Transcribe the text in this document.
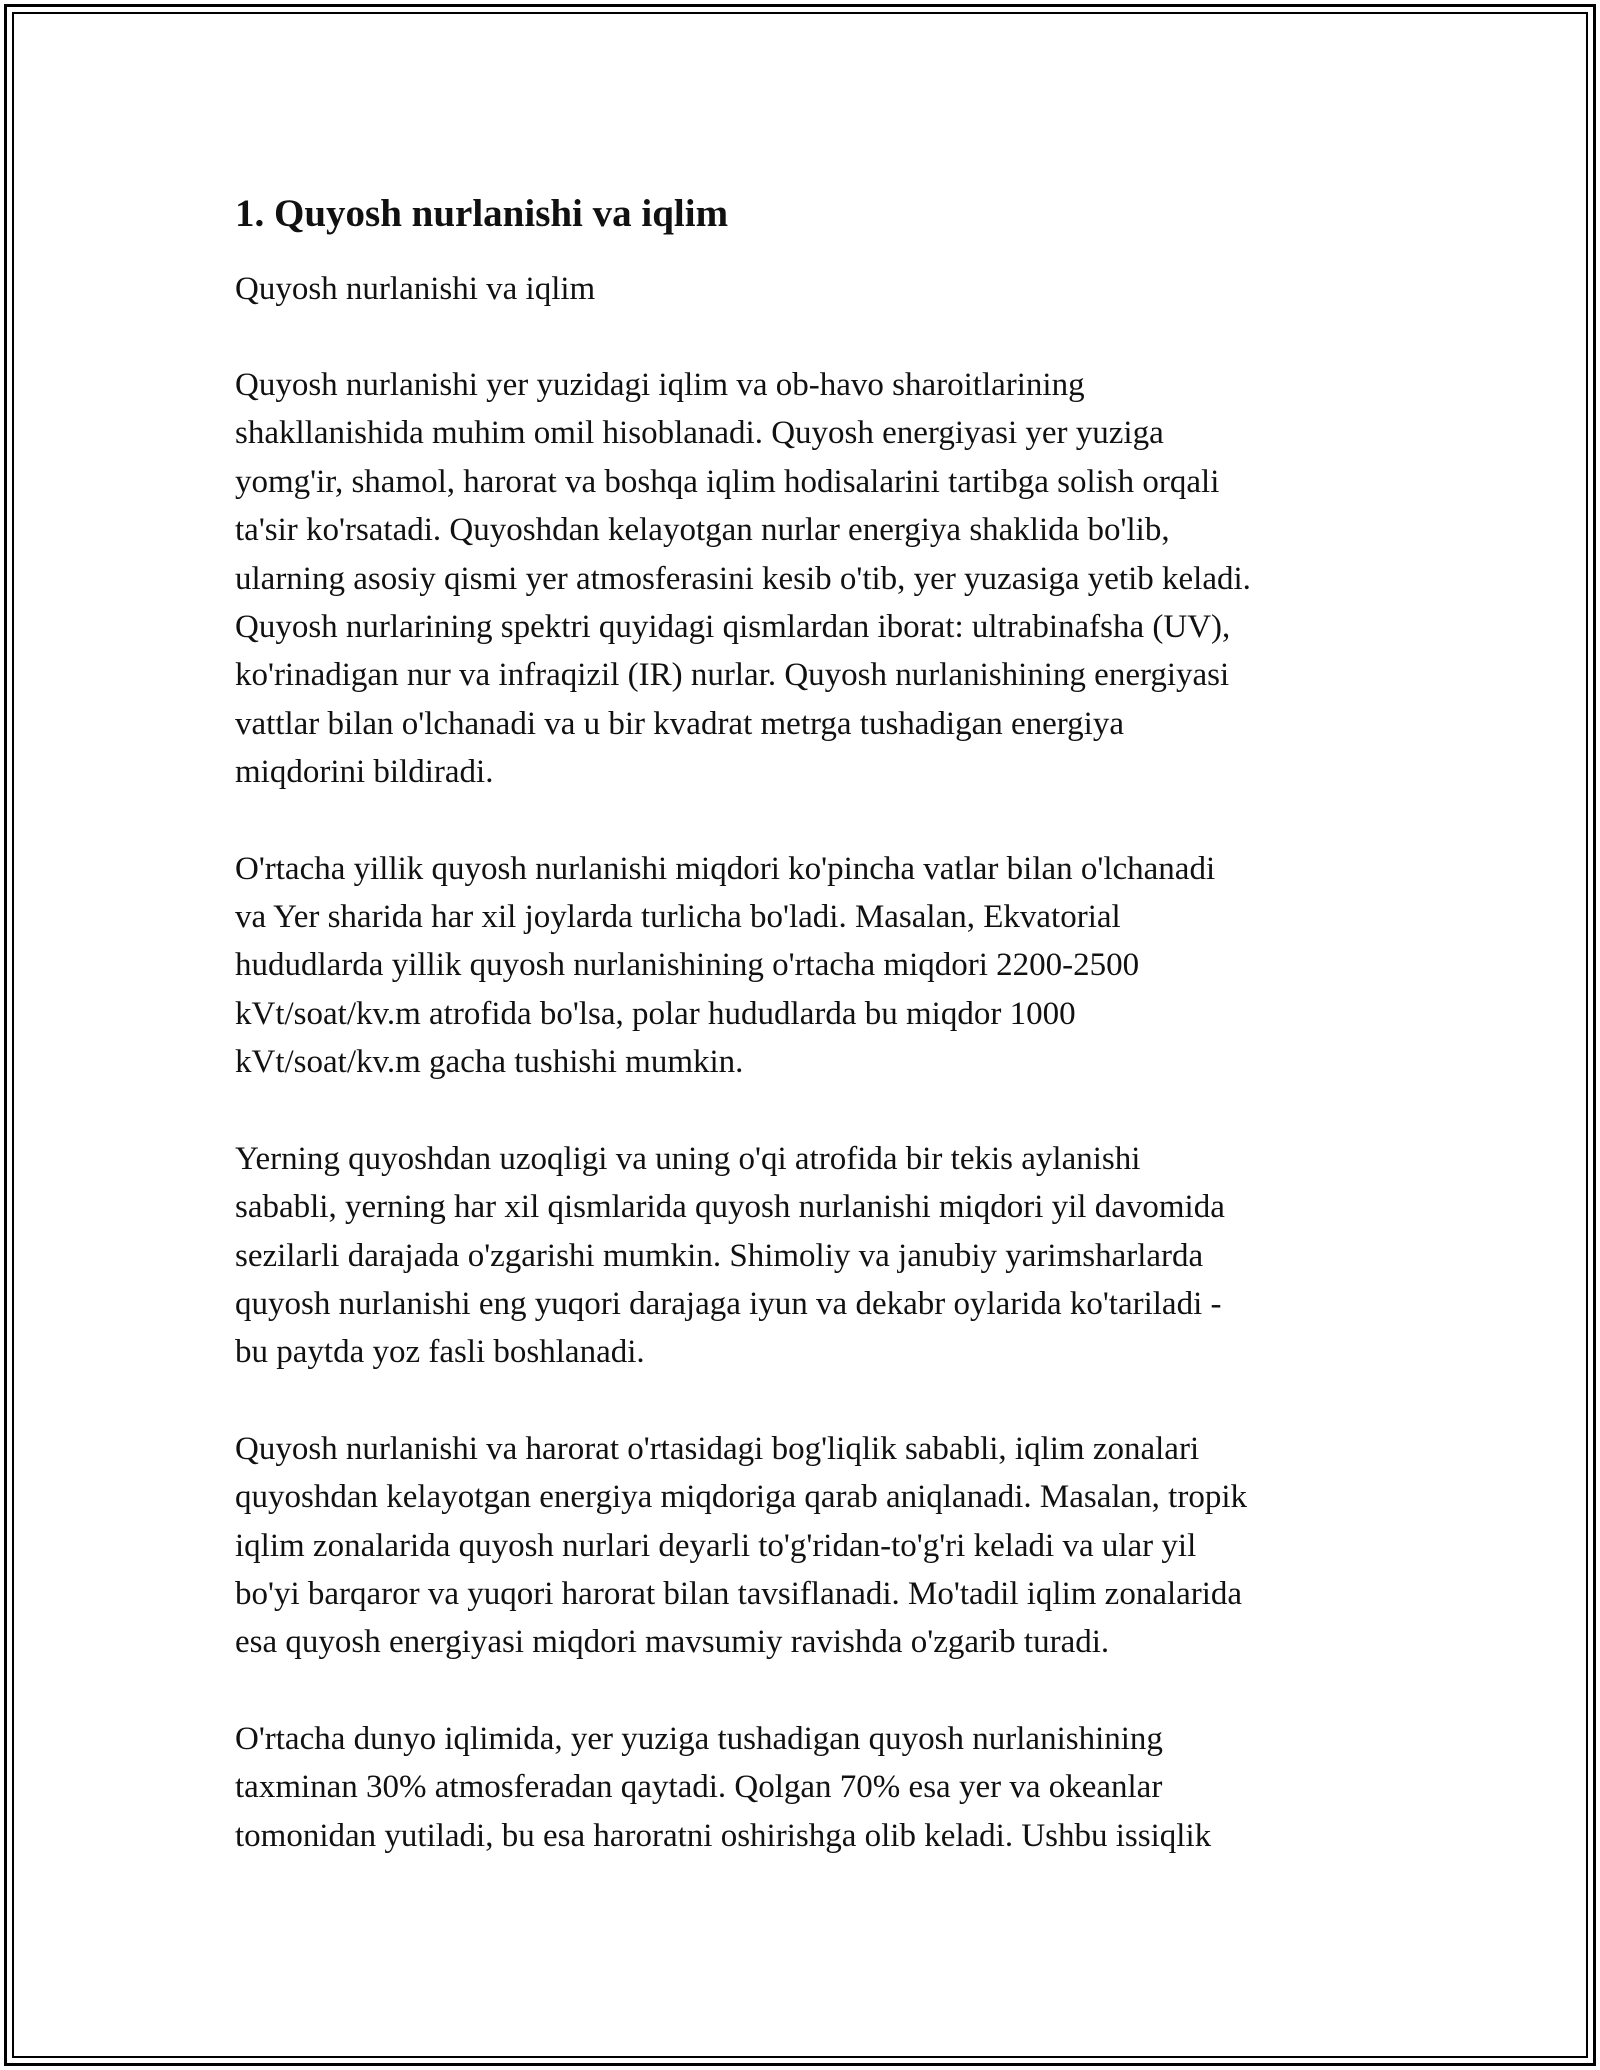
1. Quyosh nurlanishi va iqlim

Quyosh nurlanishi va iqlim

Quyosh nurlanishi yer yuzidagi iqlim va ob-havo sharoitlarining
shakllanishida muhim omil hisoblanadi. Quyosh energiyasi yer yuziga
yomg'ir, shamol, harorat va boshqa iqlim hodisalarini tartibga solish orqali
ta'sir ko'rsatadi. Quyoshdan kelayotgan nurlar energiya shaklida bo'lib,
ularning asosiy qismi yer atmosferasini kesib o'tib, yer yuzasiga yetib keladi.
Quyosh nurlarining spektri quyidagi qismlardan iborat: ultrabinafsha (UV),
ko'rinadigan nur va infraqizil (IR) nurlar. Quyosh nurlanishining energiyasi
vattlar bilan o'lchanadi va u bir kvadrat metrga tushadigan energiya
miqdorini bildiradi.

O'rtacha yillik quyosh nurlanishi miqdori ko'pincha vatlar bilan o'lchanadi
va Yer sharida har xil joylarda turlicha bo'ladi. Masalan, Ekvatorial
hududlarda yillik quyosh nurlanishining o'rtacha miqdori 2200-2500
kVt/soat/kv.m atrofida bo'lsa, polar hududlarda bu miqdor 1000
kVt/soat/kv.m gacha tushishi mumkin.

Yerning quyoshdan uzoqligi va uning o'qi atrofida bir tekis aylanishi
sababli, yerning har xil qismlarida quyosh nurlanishi miqdori yil davomida
sezilarli darajada o'zgarishi mumkin. Shimoliy va janubiy yarimsharlarda
quyosh nurlanishi eng yuqori darajaga iyun va dekabr oylarida ko'tariladi -
bu paytda yoz fasli boshlanadi.

Quyosh nurlanishi va harorat o'rtasidagi bog'liqlik sababli, iqlim zonalari
quyoshdan kelayotgan energiya miqdoriga qarab aniqlanadi. Masalan, tropik
iqlim zonalarida quyosh nurlari deyarli to'g'ridan-to'g'ri keladi va ular yil
bo'yi barqaror va yuqori harorat bilan tavsiflanadi. Mo'tadil iqlim zonalarida
esa quyosh energiyasi miqdori mavsumiy ravishda o'zgarib turadi.

O'rtacha dunyo iqlimida, yer yuziga tushadigan quyosh nurlanishining
taxminan 30% atmosferadan qaytadi. Qolgan 70% esa yer va okeanlar
tomonidan yutiladi, bu esa haroratni oshirishga olib keladi. Ushbu issiqlik
